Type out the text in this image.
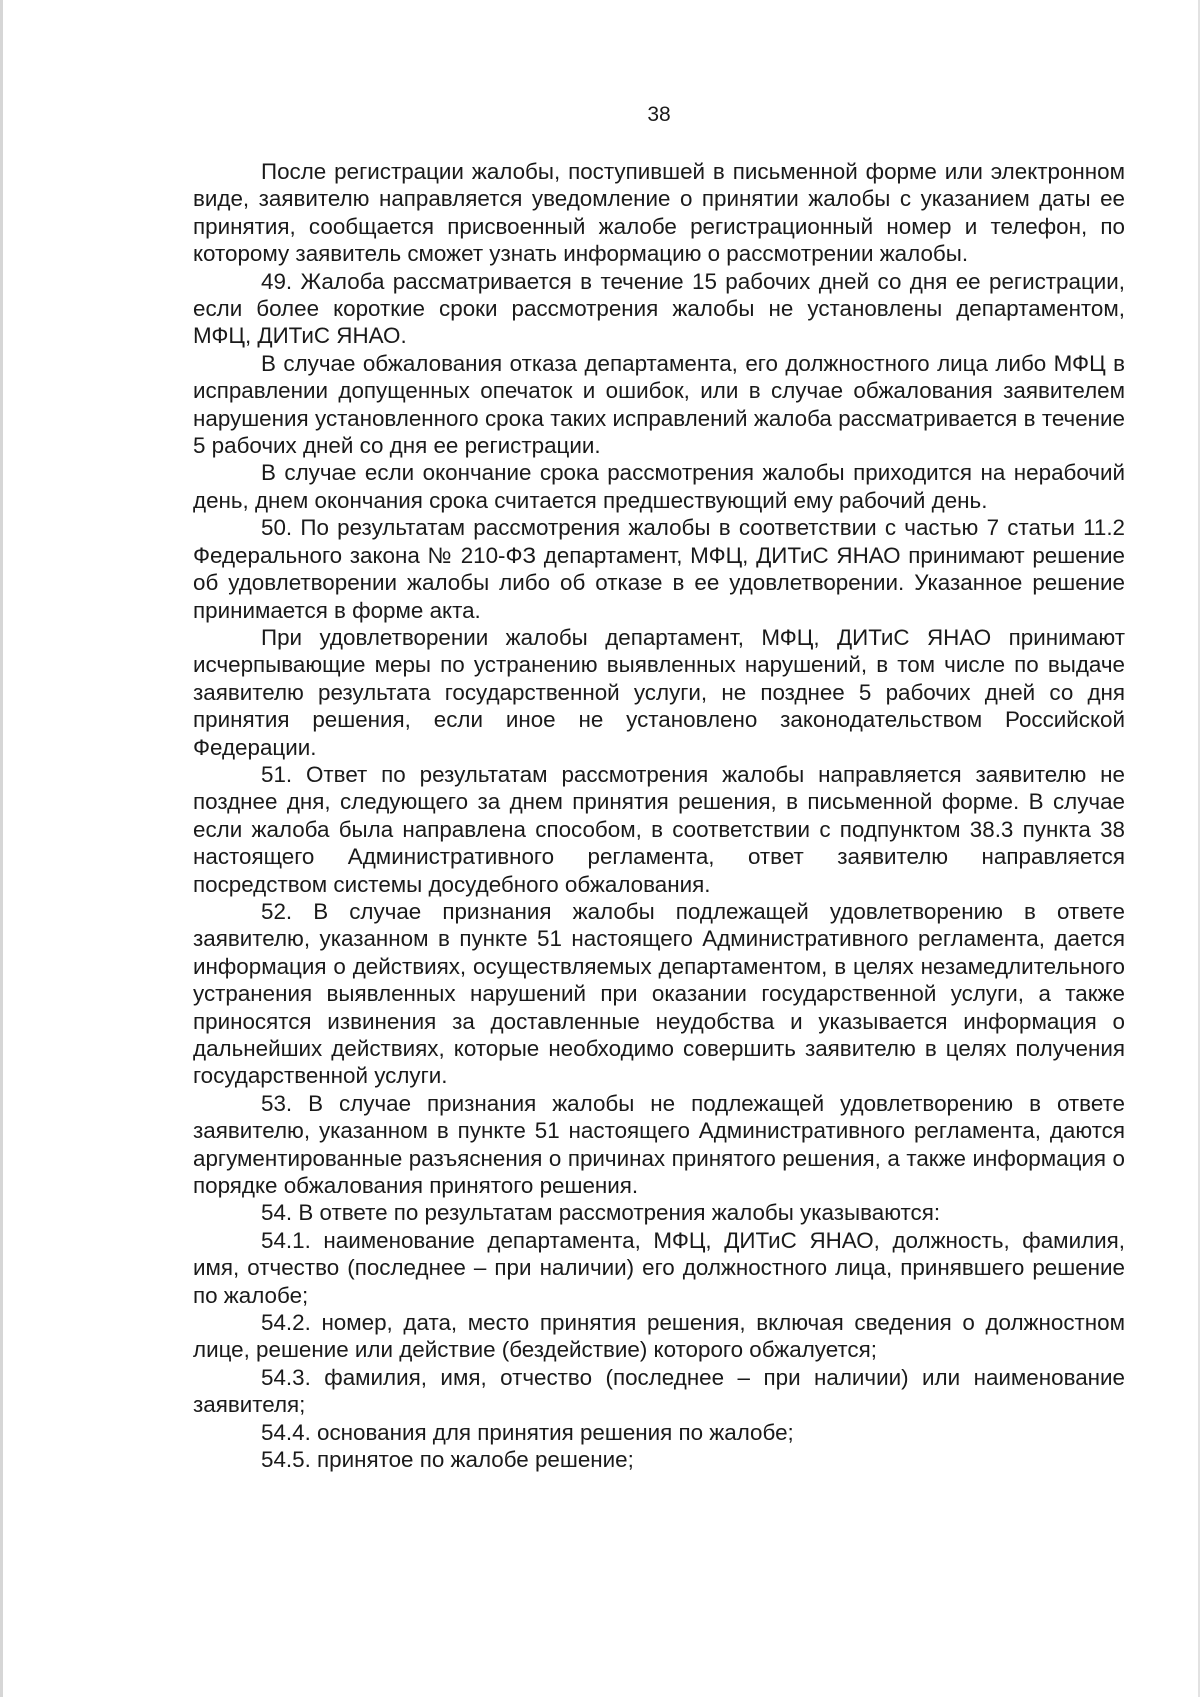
38

После регистрации жалобы, поступившей в письменной форме или электронном виде, заявителю направляется уведомление о принятии жалобы с указанием даты ее принятия, сообщается присвоенный жалобе регистрационный номер и телефон, по которому заявитель сможет узнать информацию о рассмотрении жалобы.

49. Жалоба рассматривается в течение 15 рабочих дней со дня ее регистрации, если более короткие сроки рассмотрения жалобы не установлены департаментом, МФЦ, ДИТиС ЯНАО.

В случае обжалования отказа департамента, его должностного лица либо МФЦ в исправлении допущенных опечаток и ошибок, или в случае обжалования заявителем нарушения установленного срока таких исправлений жалоба рассматривается в течение 5 рабочих дней со дня ее регистрации.

В случае если окончание срока рассмотрения жалобы приходится на нерабочий день, днем окончания срока считается предшествующий ему рабочий день.

50. По результатам рассмотрения жалобы в соответствии с частью 7 статьи 11.2 Федерального закона № 210-ФЗ департамент, МФЦ, ДИТиС ЯНАО принимают решение об удовлетворении жалобы либо об отказе в ее удовлетворении. Указанное решение принимается в форме акта.

При удовлетворении жалобы департамент, МФЦ, ДИТиС ЯНАО принимают исчерпывающие меры по устранению выявленных нарушений, в том числе по выдаче заявителю результата государственной услуги, не позднее 5 рабочих дней со дня принятия решения, если иное не установлено законодательством Российской Федерации.

51. Ответ по результатам рассмотрения жалобы направляется заявителю не позднее дня, следующего за днем принятия решения, в письменной форме. В случае если жалоба была направлена способом, в соответствии с подпунктом 38.3 пункта 38 настоящего Административного регламента, ответ заявителю направляется посредством системы досудебного обжалования.

52. В случае признания жалобы подлежащей удовлетворению в ответе заявителю, указанном в пункте 51 настоящего Административного регламента, дается информация о действиях, осуществляемых департаментом, в целях незамедлительного устранения выявленных нарушений при оказании государственной услуги, а также приносятся извинения за доставленные неудобства и указывается информация о дальнейших действиях, которые необходимо совершить заявителю в целях получения государственной услуги.

53. В случае признания жалобы не подлежащей удовлетворению в ответе заявителю, указанном в пункте 51 настоящего Административного регламента, даются аргументированные разъяснения о причинах принятого решения, а также информация о порядке обжалования принятого решения.

54. В ответе по результатам рассмотрения жалобы указываются:

54.1. наименование департамента, МФЦ, ДИТиС ЯНАО, должность, фамилия, имя, отчество (последнее – при наличии) его должностного лица, принявшего решение по жалобе;

54.2. номер, дата, место принятия решения, включая сведения о должностном лице, решение или действие (бездействие) которого обжалуется;

54.3. фамилия, имя, отчество (последнее – при наличии) или наименование заявителя;

54.4. основания для принятия решения по жалобе;

54.5. принятое по жалобе решение;
